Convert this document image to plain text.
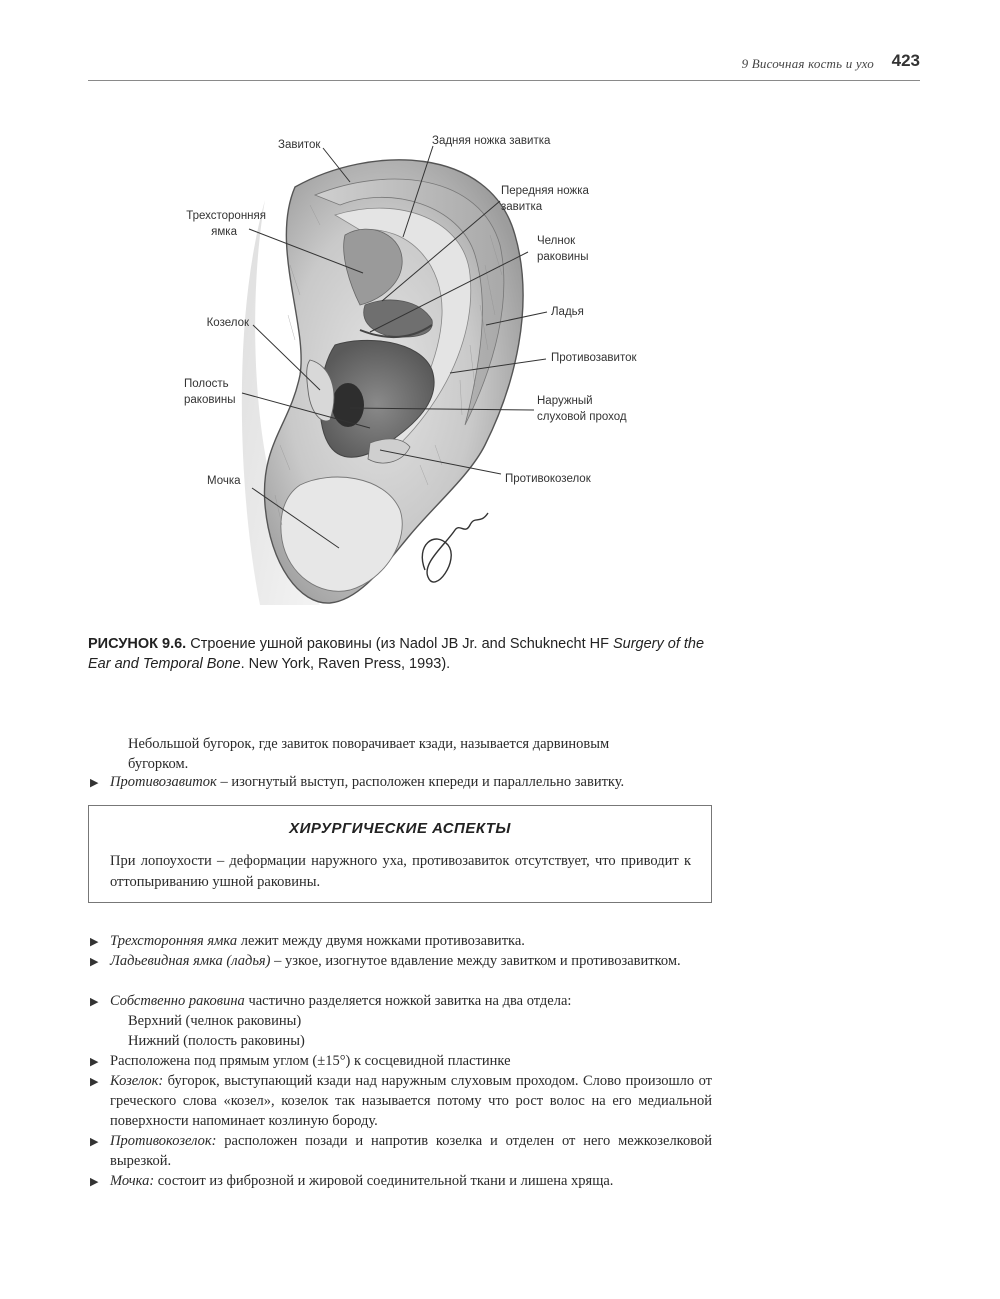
9 Височная кость и ухо 423
Завиток	Задняя ножка завитка
Передняя ножка
завитка
Трехсторонняя
ямка
Челнок
раковины
Ладья
Козелок
Противозавиток
Полость
раковины	Наружный
слуховой проход
Противокозелок
Мочка
РИСУНОК 9.6. Строение ушной раковины (из Nadol JB Jr. and Schuknecht HF Surgery of the Ear and Temporal Bone. New York, Raven Press, 1993).
Небольшой бугорок, где завиток поворачивает кзади, называется дарвиновым
бугорком.
▶ Противозавиток – изогнутый выступ, расположен кпереди и параллельно завитку.
ХИРУРГИЧЕСКИЕ АСПЕКТЫ
При лопоухости – деформации наружного уха, противозавиток отсутствует, что приводит к оттопыриванию ушной раковины.
▶ Трехсторонняя ямка лежит между двумя ножками противозавитка.
▶ Ладьевидная ямка (ладья) – узкое, изогнутое вдавление между завитком и противозавитком.
▶ Собственно раковина частично разделяется ножкой завитка на два отдела:
Верхний (челнок раковины)
Нижний (полость раковины)
▶ Расположена под прямым углом (±15°) к сосцевидной пластинке
▶ Козелок: бугорок, выступающий кзади над наружным слуховым проходом. Слово произошло от греческого слова «козел», козелок так называется потому что рост волос на его медиальной поверхности напоминает козлиную бороду.
▶ Противокозелок: расположен позади и напротив козелка и отделен от него межкозелковой вырезкой.
▶ Мочка: состоит из фиброзной и жировой соединительной ткани и лишена хряща.
